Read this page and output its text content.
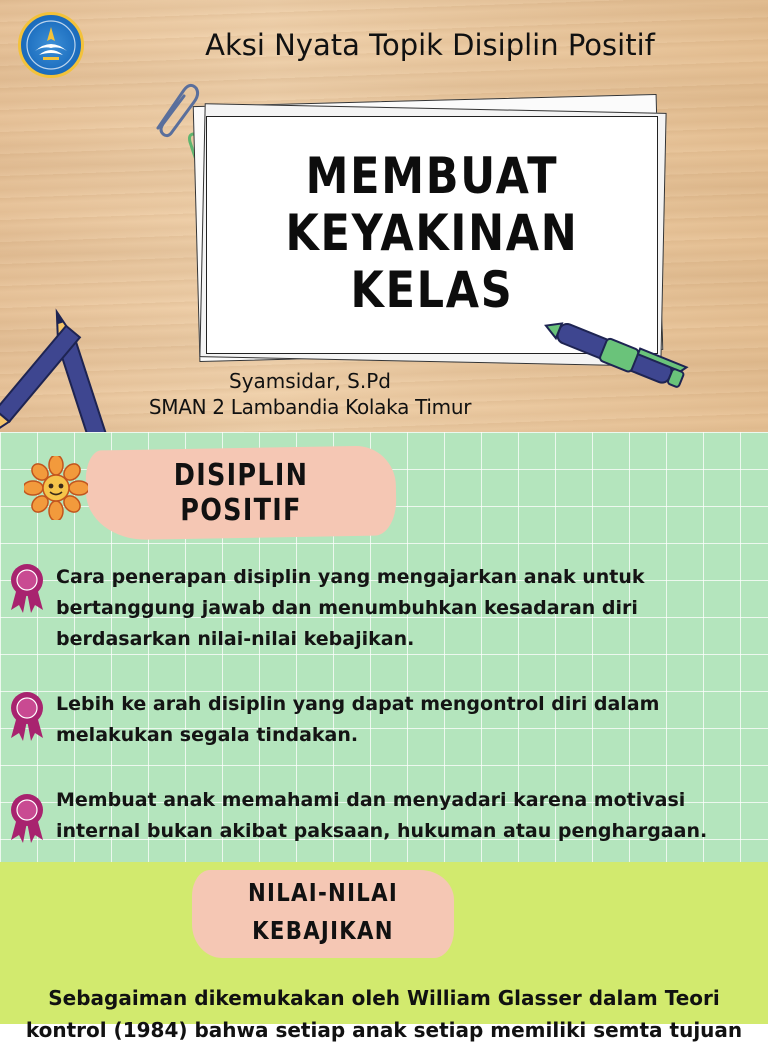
Aksi Nyata Topik Disiplin Positif
MEMBUAT
KEYAKINAN
KELAS
Syamsidar, S.Pd
SMAN 2 Lambandia Kolaka Timur
DISIPLIN POSITIF
Cara penerapan disiplin yang mengajarkan anak untuk
bertanggung jawab dan menumbuhkan kesadaran diri
berdasarkan nilai-nilai kebajikan.
Lebih ke arah disiplin yang dapat mengontrol diri dalam
melakukan segala tindakan.
Membuat anak memahami dan menyadari karena motivasi
internal bukan akibat paksaan, hukuman atau penghargaan.
NILAI-NILAI
KEBAJIKAN
Sebagaiman dikemukakan oleh William Glasser dalam Teori
kontrol (1984) bahwa setiap anak setiap memiliki semta tujuan
